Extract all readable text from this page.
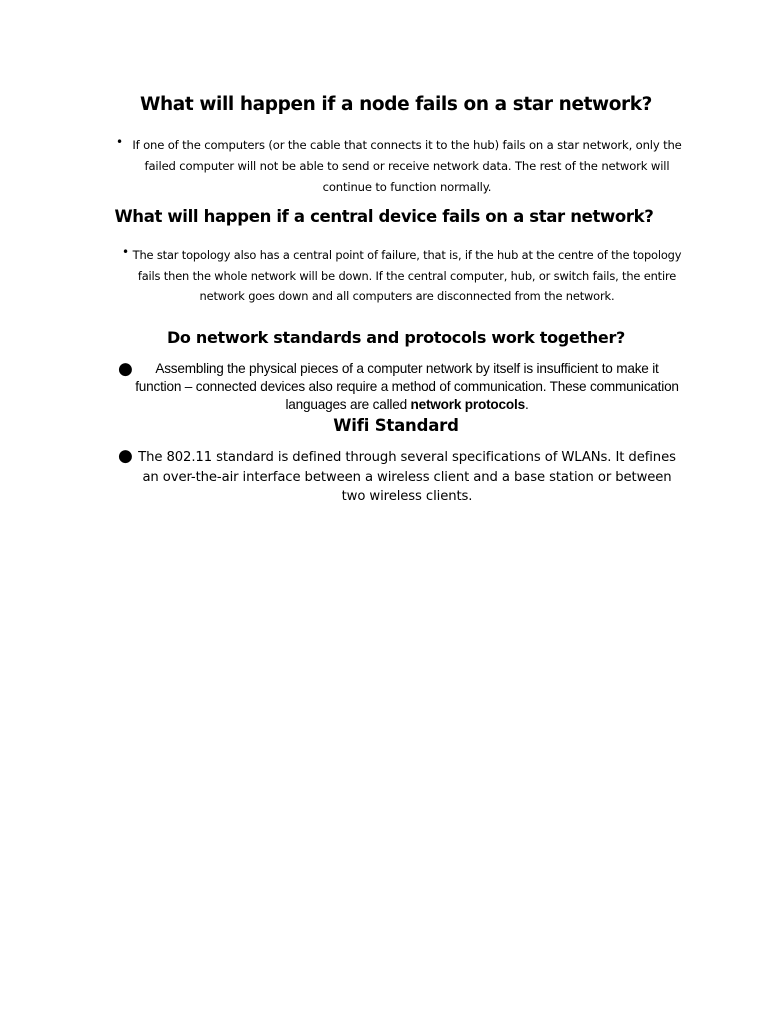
What will happen if a node fails on a star network?
• If one of the computers (or the cable that connects it to the hub) fails on a star network, only the failed computer will not be able to send or receive network data. The rest of the network will continue to function normally.

What will happen if a central device fails on a star network?
• The star topology also has a central point of failure, that is, if the hub at the centre of the topology fails then the whole network will be down. If the central computer, hub, or switch fails, the entire network goes down and all computers are disconnected from the network.

Do network standards and protocols work together?
●	Assembling the physical pieces of a computer network by itself is insufficient to make it function – connected devices also require a method of communication. These communication languages are called network protocols.

Wifi Standard
● The 802.11 standard is defined through several specifications of WLANs. It defines an over-the-air interface between a wireless client and a base station or between two wireless clients.
